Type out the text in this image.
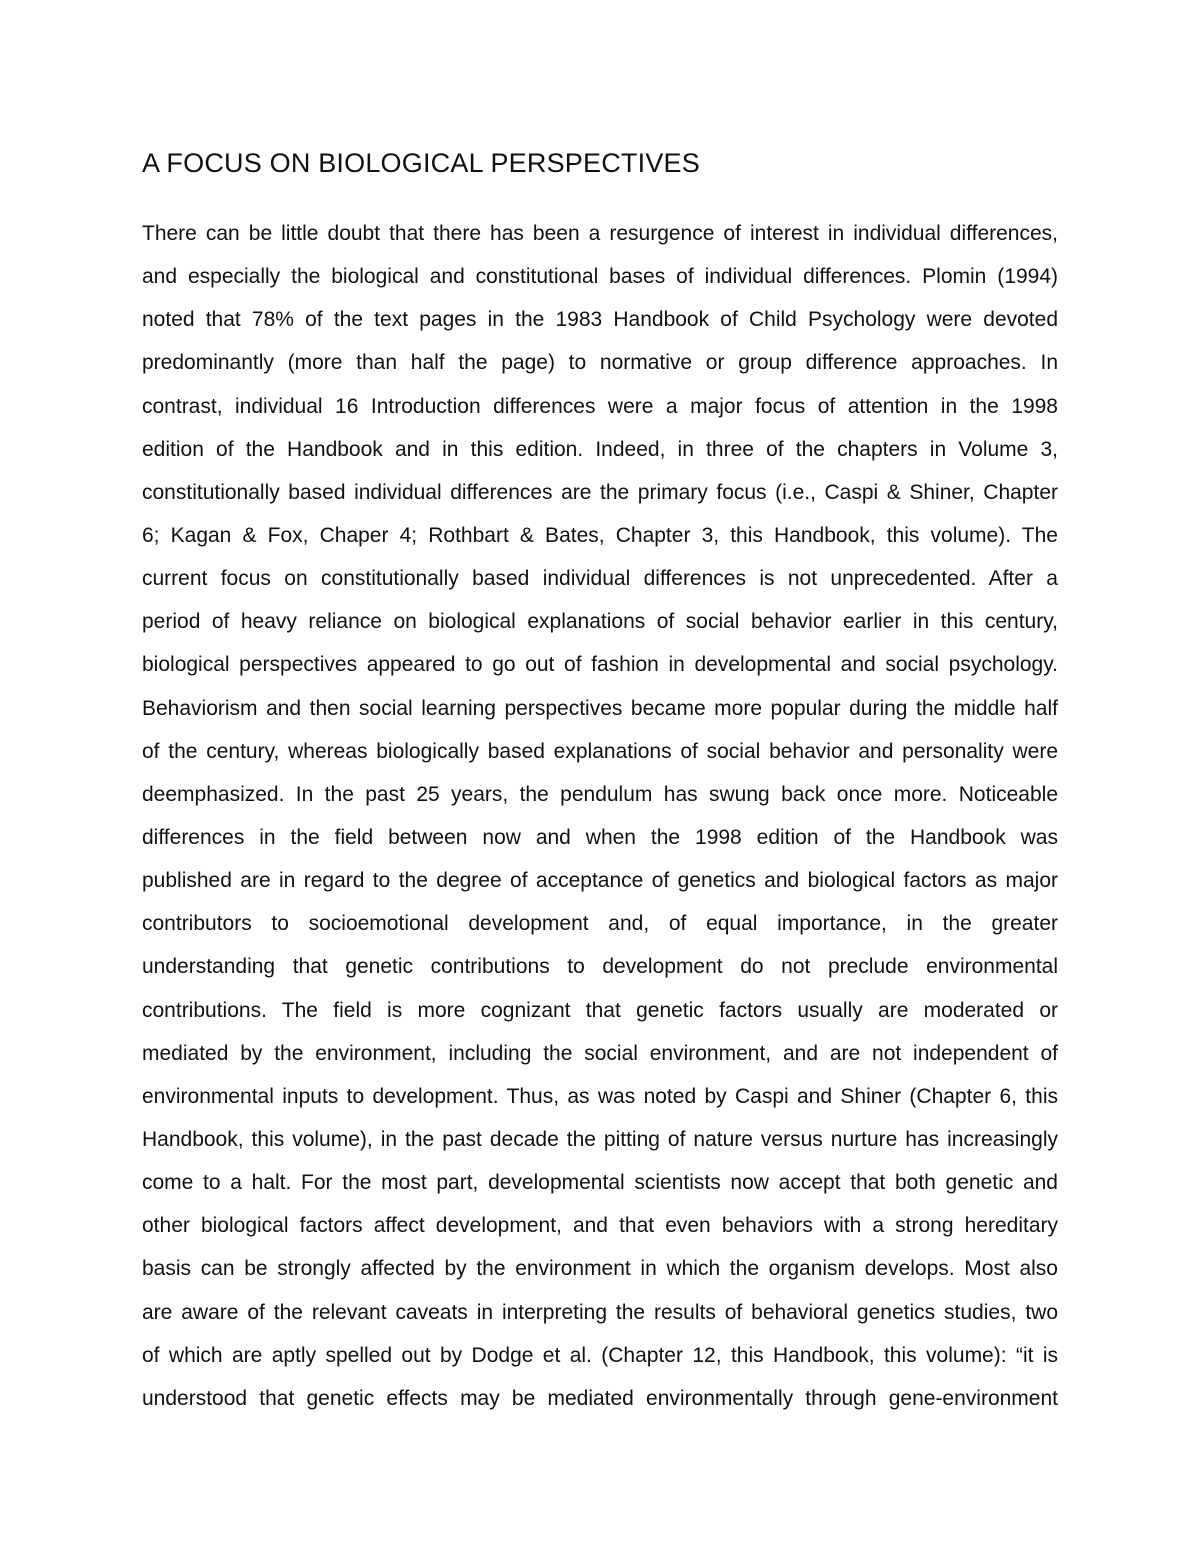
A FOCUS ON BIOLOGICAL PERSPECTIVES
There can be little doubt that there has been a resurgence of interest in individual differences,
and especially the biological and constitutional bases of individual differences. Plomin (1994)
noted that 78% of the text pages in the 1983 Handbook of Child Psychology were devoted
predominantly (more than half the page) to normative or group difference approaches. In
contrast, individual 16 Introduction differences were a major focus of attention in the 1998
edition of the Handbook and in this edition. Indeed, in three of the chapters in Volume 3,
constitutionally based individual differences are the primary focus (i.e., Caspi & Shiner, Chapter
6; Kagan & Fox, Chaper 4; Rothbart & Bates, Chapter 3, this Handbook, this volume). The
current focus on constitutionally based individual differences is not unprecedented. After a
period of heavy reliance on biological explanations of social behavior earlier in this century,
biological perspectives appeared to go out of fashion in developmental and social psychology.
Behaviorism and then social learning perspectives became more popular during the middle half
of the century, whereas biologically based explanations of social behavior and personality were
deemphasized. In the past 25 years, the pendulum has swung back once more. Noticeable
differences in the field between now and when the 1998 edition of the Handbook was
published are in regard to the degree of acceptance of genetics and biological factors as major
contributors to socioemotional development and, of equal importance, in the greater
understanding that genetic contributions to development do not preclude environmental
contributions. The field is more cognizant that genetic factors usually are moderated or
mediated by the environment, including the social environment, and are not independent of
environmental inputs to development. Thus, as was noted by Caspi and Shiner (Chapter 6, this
Handbook, this volume), in the past decade the pitting of nature versus nurture has increasingly
come to a halt. For the most part, developmental scientists now accept that both genetic and
other biological factors affect development, and that even behaviors with a strong hereditary
basis can be strongly affected by the environment in which the organism develops. Most also
are aware of the relevant caveats in interpreting the results of behavioral genetics studies, two
of which are aptly spelled out by Dodge et al. (Chapter 12, this Handbook, this volume): “it is
understood that genetic effects may be mediated environmentally through gene-environment
